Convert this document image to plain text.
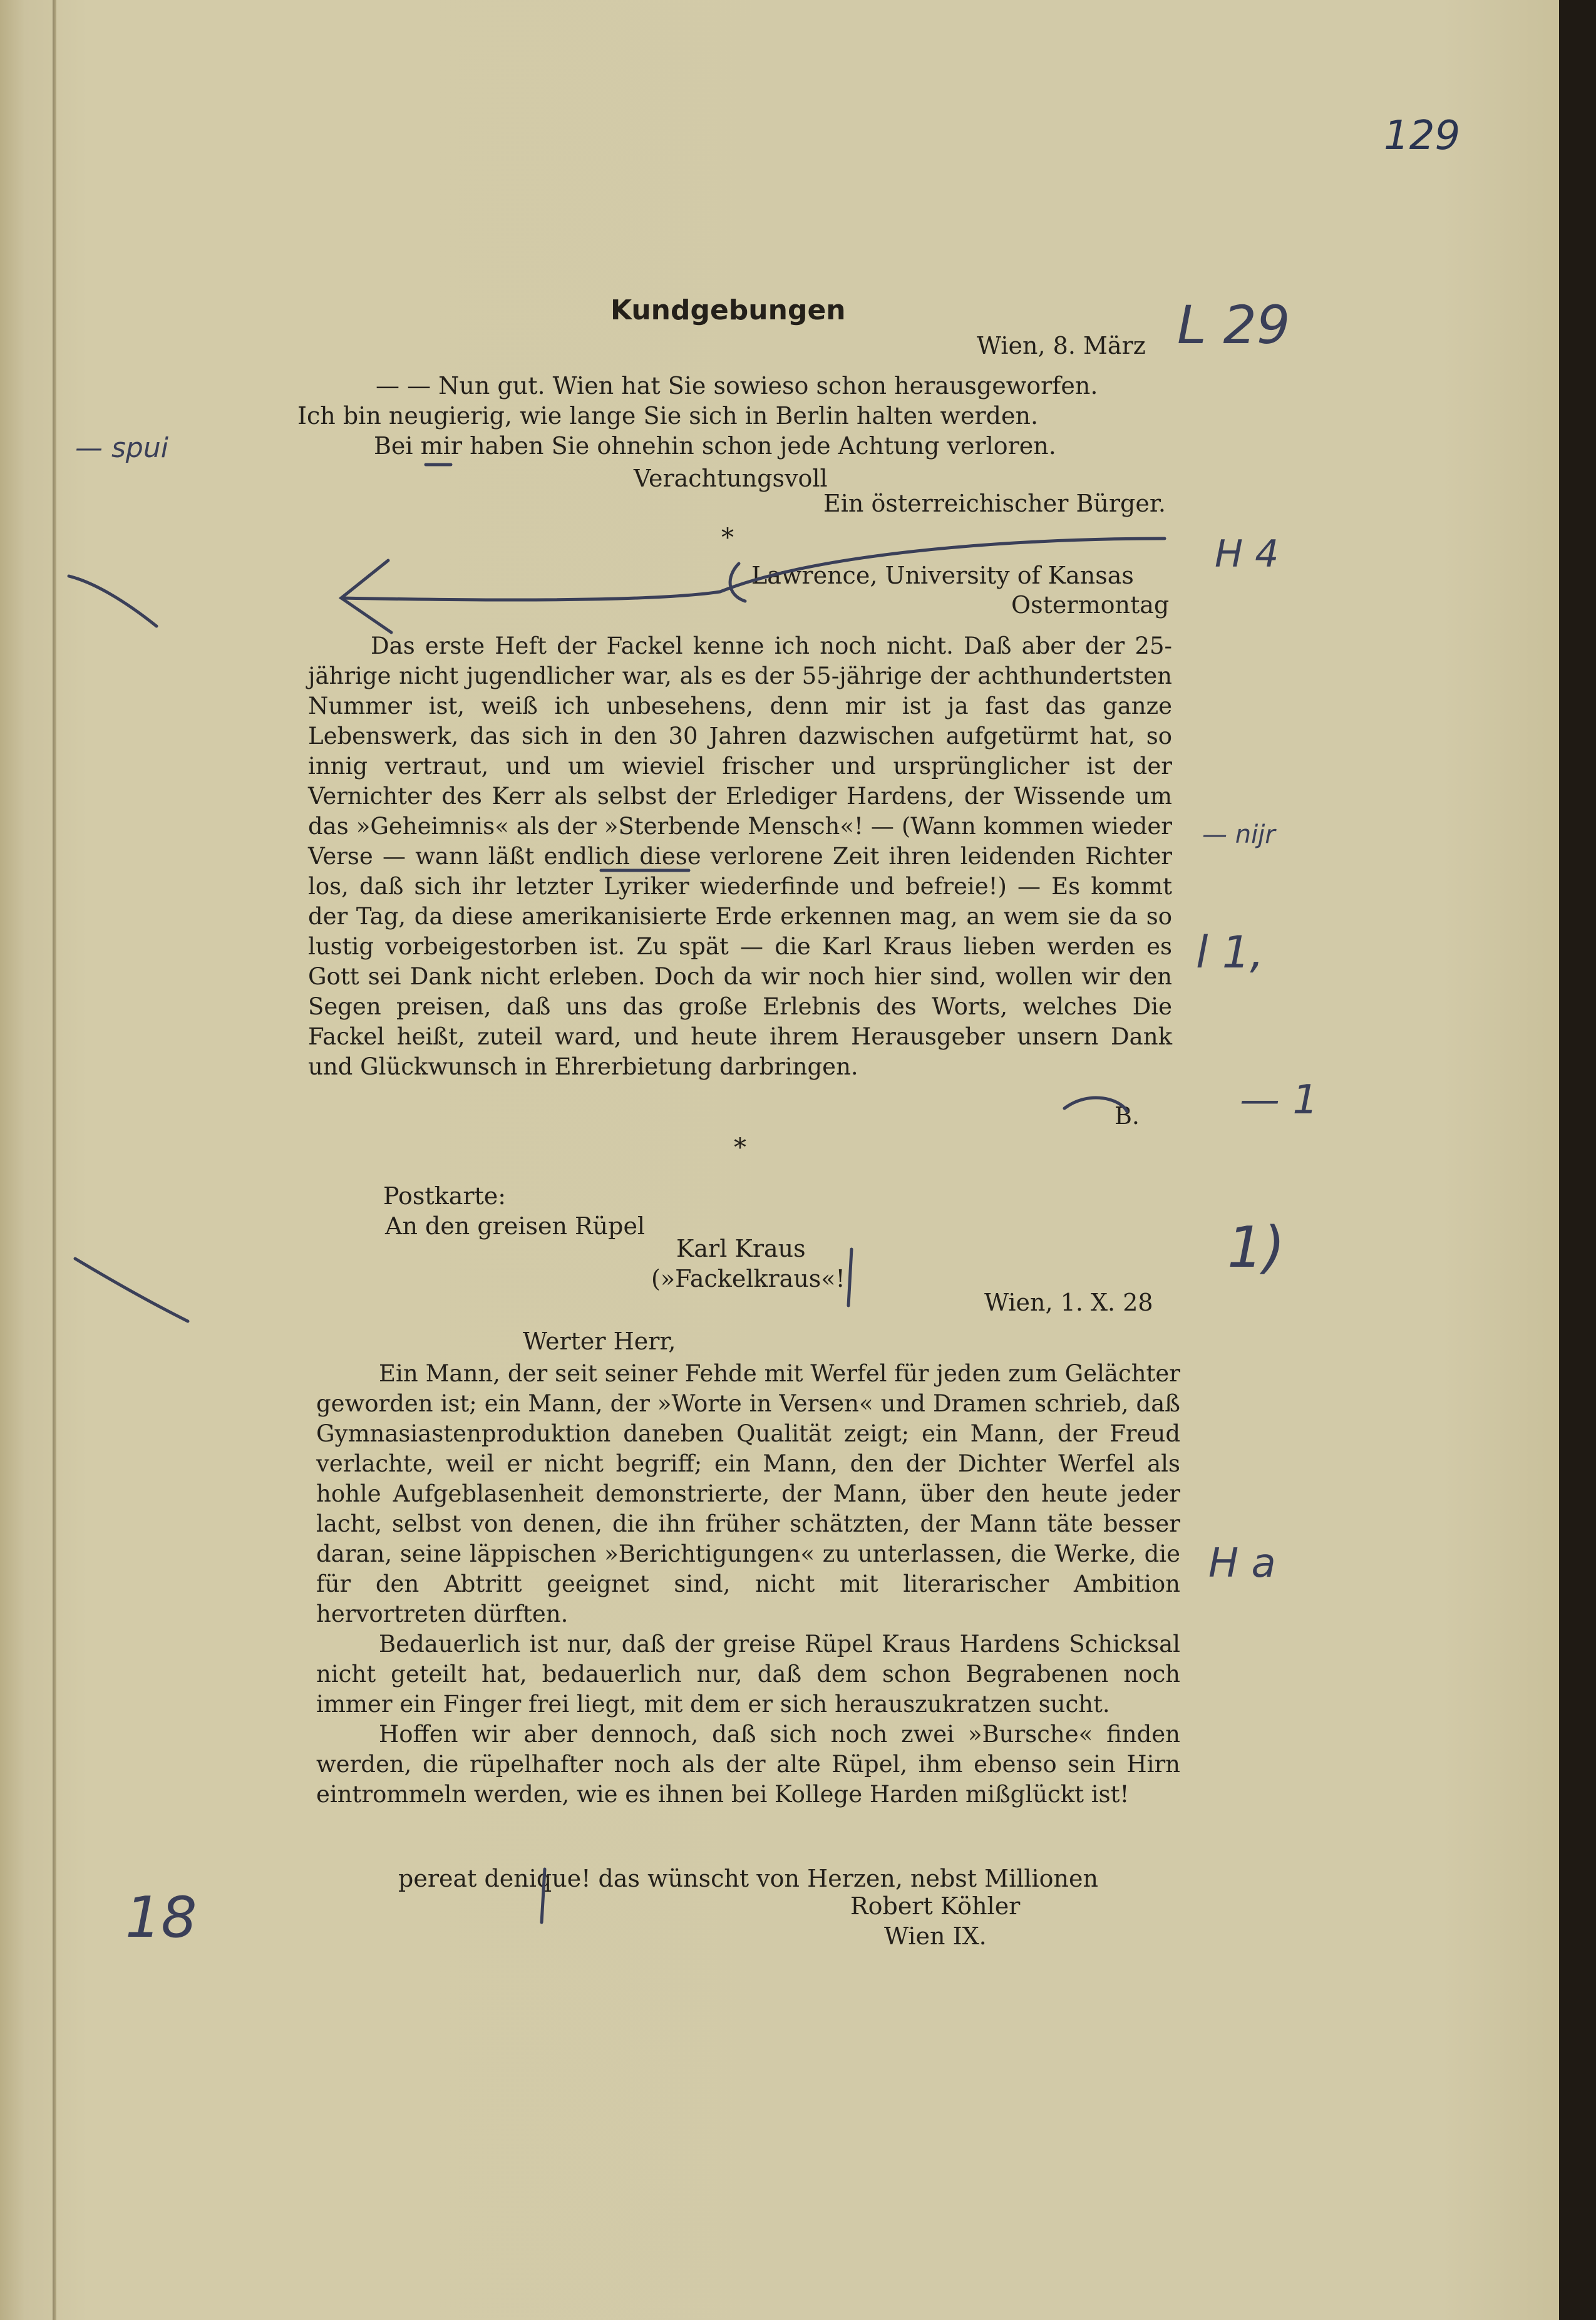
129
Kundgebungen
Wien, 8. März
— — Nun gut. Wien hat Sie sowieso schon herausgeworfen.
Ich bin neugierig, wie lange Sie sich in Berlin halten werden.
Bei mir haben Sie ohnehin schon jede Achtung verloren.
Verachtungsvoll
Ein österreichischer Bürger.
*
Lawrence, University of Kansas
Ostermontag
Das erste Heft der Fackel kenne ich noch nicht. Daß aber der 25-jährige nicht jugendlicher war, als es der 55-jährige der achthundertsten Nummer ist, weiß ich unbesehens, denn mir ist ja fast das ganze Lebenswerk, das sich in den 30 Jahren dazwischen aufgetürmt hat, so innig vertraut, und um wieviel frischer und ursprünglicher ist der Vernichter des Kerr als selbst der Erlediger Hardens, der Wissende um das »Geheimnis« als der »Sterbende Mensch«! — (Wann kommen wieder Verse — wann läßt endlich diese verlorene Zeit ihren leidenden Richter los, daß sich ihr letzter Lyriker wiederfinde und befreie!) — Es kommt der Tag, da diese amerikanisierte Erde erkennen mag, an wem sie da so lustig vorbeigestorben ist. Zu spät — die Karl Kraus lieben werden es Gott sei Dank nicht erleben. Doch da wir noch hier sind, wollen wir den Segen preisen, daß uns das große Erlebnis des Worts, welches Die Fackel heißt, zuteil ward, und heute ihrem Herausgeber unsern Dank und Glückwunsch in Ehrerbietung darbringen.
B.
*
Postkarte:
An den greisen Rüpel
Karl Kraus
(»Fackelkraus«!
Wien, 1. X. 28
Werter Herr,
Ein Mann, der seit seiner Fehde mit Werfel für jeden zum Gelächter geworden ist; ein Mann, der »Worte in Versen« und Dramen schrieb, daß Gymnasiastenproduktion daneben Qualität zeigt; ein Mann, der Freud verlachte, weil er nicht begriff; ein Mann, den der Dichter Werfel als hohle Aufgeblasenheit demonstrierte, der Mann, über den heute jeder lacht, selbst von denen, die ihn früher schätzten, der Mann täte besser daran, seine läppischen »Berichtigungen« zu unterlassen, die Werke, die für den Abtritt geeignet sind, nicht mit literarischer Ambition hervortreten dürften.
Bedauerlich ist nur, daß der greise Rüpel Kraus Hardens Schicksal nicht geteilt hat, bedauerlich nur, daß dem schon Begrabenen noch immer ein Finger frei liegt, mit dem er sich herauszukratzen sucht.
Hoffen wir aber dennoch, daß sich noch zwei »Bursche« finden werden, die rüpelhafter noch als der alte Rüpel, ihm ebenso sein Hirn eintrommeln werden, wie es ihnen bei Kollege Harden mißglückt ist!
pereat denique! das wünscht von Herzen, nebst Millionen
Robert Köhler
Wien IX.
L 29
— spui
H 4
— nijr
l 1,
— 1
1)
H a
18
